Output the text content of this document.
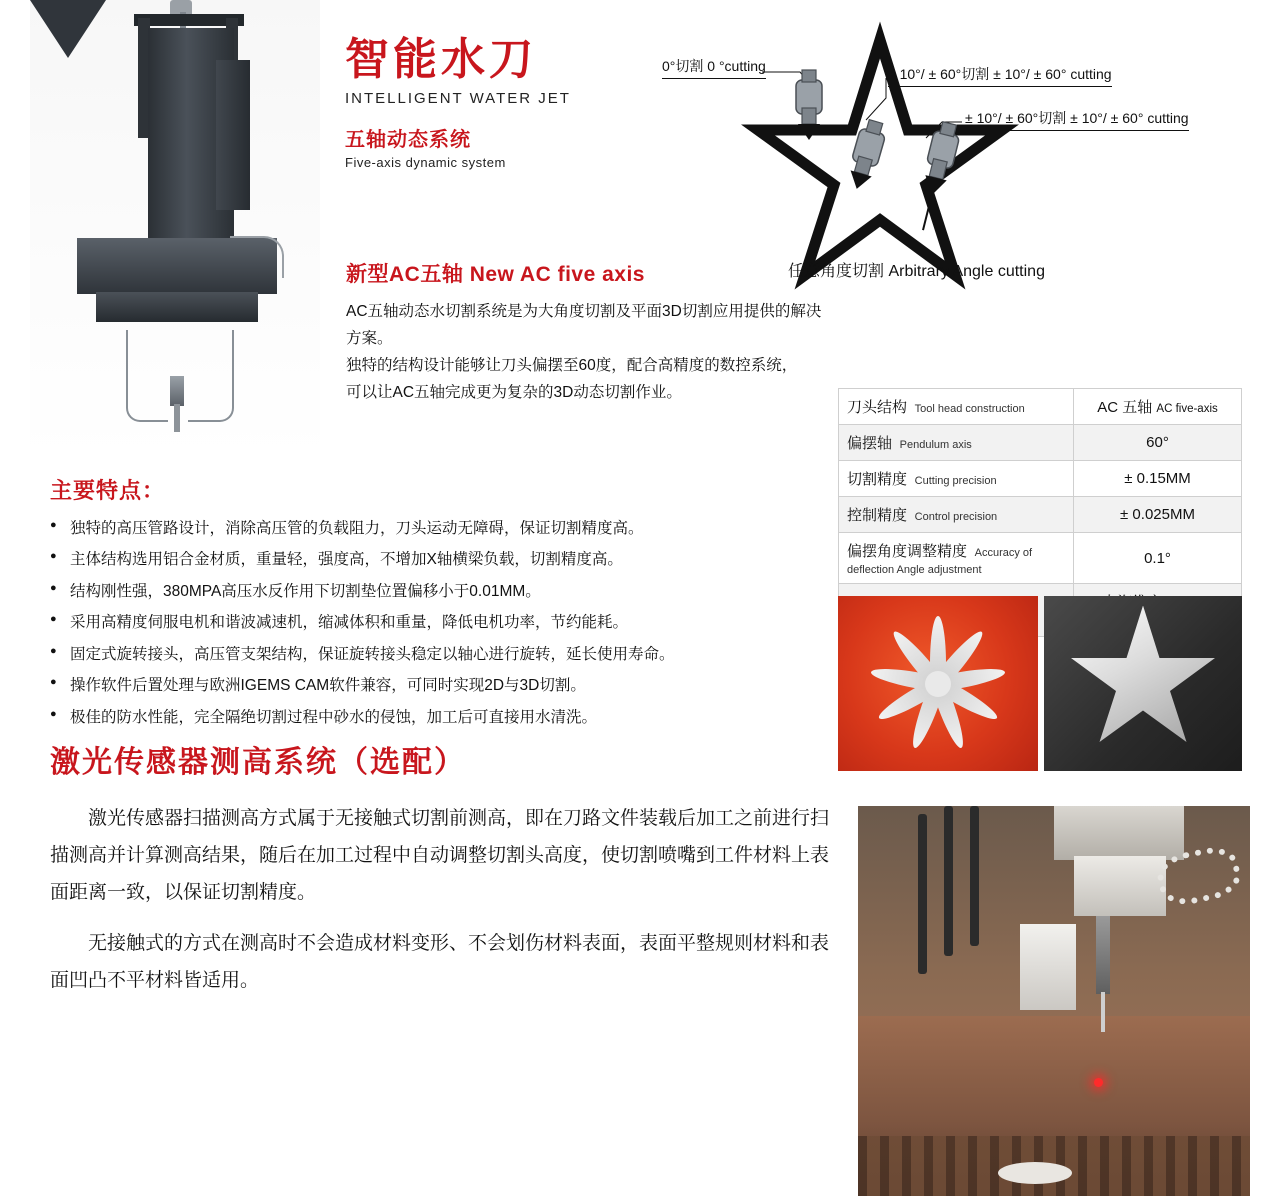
智能水刀
INTELLIGENT WATER JET
五轴动态系统
Five-axis dynamic system
0°切割 0 °cutting	± 10°/ ± 60°切割 ± 10°/ ± 60° cutting
± 10°/ ± 60°切割 ± 10°/ ± 60° cutting
任意角度切割 Arbitrary Angle cutting
新型AC五轴 New AC five axis
AC五轴动态水切割系统是为大角度切割及平面3D切割应用提供的解决方案。
独特的结构设计能够让刀头偏摆至60度，配合高精度的数控系统，
可以让AC五轴完成更为复杂的3D动态切割作业。
刀头结构 Tool head construction	AC 五轴 AC five-axis
偏摆轴 Pendulum axis	60°
切割精度 Cutting precision	± 0.15MM
控制精度 Control precision	± 0.025MM
偏摆角度调整精度 Accuracy of deflection Angle adjustment	0.1°

主要特点：
● 独特的高压管路设计，消除高压管的负载阻力，刀头运动无障碍，保证切割精度高。
● 主体结构选用铝合金材质，重量轻，强度高，不增加X轴横梁负载，切割精度高。
● 结构刚性强，380MPA高压水反作用下切割垫位置偏移小于0.01MM。
● 采用高精度伺服电机和谐波减速机，缩减体积和重量，降低电机功率，节约能耗。
● 固定式旋转接头，高压管支架结构，保证旋转接头稳定以轴心进行旋转，延长使用寿命。
● 操作软件后置处理与欧洲IGEMS CAM软件兼容，可同时实现2D与3D切割。
● 极佳的防水性能，完全隔绝切割过程中砂水的侵蚀，加工后可直接用水清洗。
激光传感器测高系统（选配）

激光传感器扫描测高方式属于无接触式切割前测高，即在刀路文件装载后加工之前进行扫描测高并计算测高结果，随后在加工过程中自动调整切割头高度，使切割喷嘴到工件材料上表面距离一致，以保证切割精度。

无接触式的方式在测高时不会造成材料变形、不会划伤材料表面，表面平整规则材料和表面凹凸不平材料皆适用。
